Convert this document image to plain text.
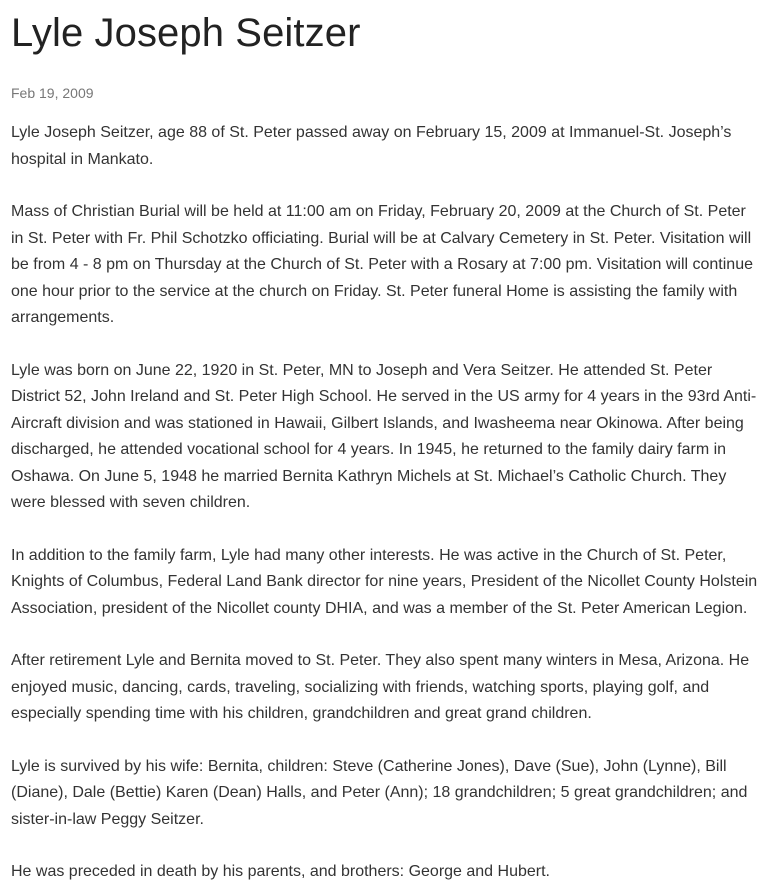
Lyle Joseph Seitzer
Feb 19, 2009

Lyle Joseph Seitzer, age 88 of St. Peter passed away on February 15, 2009 at Immanuel-St. Joseph’s hospital in Mankato.

Mass of Christian Burial will be held at 11:00 am on Friday, February 20, 2009 at the Church of St. Peter in St. Peter with Fr. Phil Schotzko officiating. Burial will be at Calvary Cemetery in St. Peter. Visitation will be from 4 - 8 pm on Thursday at the Church of St. Peter with a Rosary at 7:00 pm. Visitation will continue one hour prior to the service at the church on Friday. St. Peter funeral Home is assisting the family with arrangements.

Lyle was born on June 22, 1920 in St. Peter, MN to Joseph and Vera Seitzer. He attended St. Peter District 52, John Ireland and St. Peter High School. He served in the US army for 4 years in the 93rd Anti-Aircraft division and was stationed in Hawaii, Gilbert Islands, and Iwasheema near Okinowa. After being discharged, he attended vocational school for 4 years. In 1945, he returned to the family dairy farm in Oshawa. On June 5, 1948 he married Bernita Kathryn Michels at St. Michael’s Catholic Church. They were blessed with seven children.

In addition to the family farm, Lyle had many other interests. He was active in the Church of St. Peter, Knights of Columbus, Federal Land Bank director for nine years, President of the Nicollet County Holstein Association, president of the Nicollet county DHIA, and was a member of the St. Peter American Legion.

After retirement Lyle and Bernita moved to St. Peter. They also spent many winters in Mesa, Arizona. He enjoyed music, dancing, cards, traveling, socializing with friends, watching sports, playing golf, and especially spending time with his children, grandchildren and great grand children.

Lyle is survived by his wife: Bernita, children: Steve (Catherine Jones), Dave (Sue), John (Lynne), Bill (Diane), Dale (Bettie) Karen (Dean) Halls, and Peter (Ann); 18 grandchildren; 5 great grandchildren; and sister-in-law Peggy Seitzer.

He was preceded in death by his parents, and brothers: George and Hubert.
